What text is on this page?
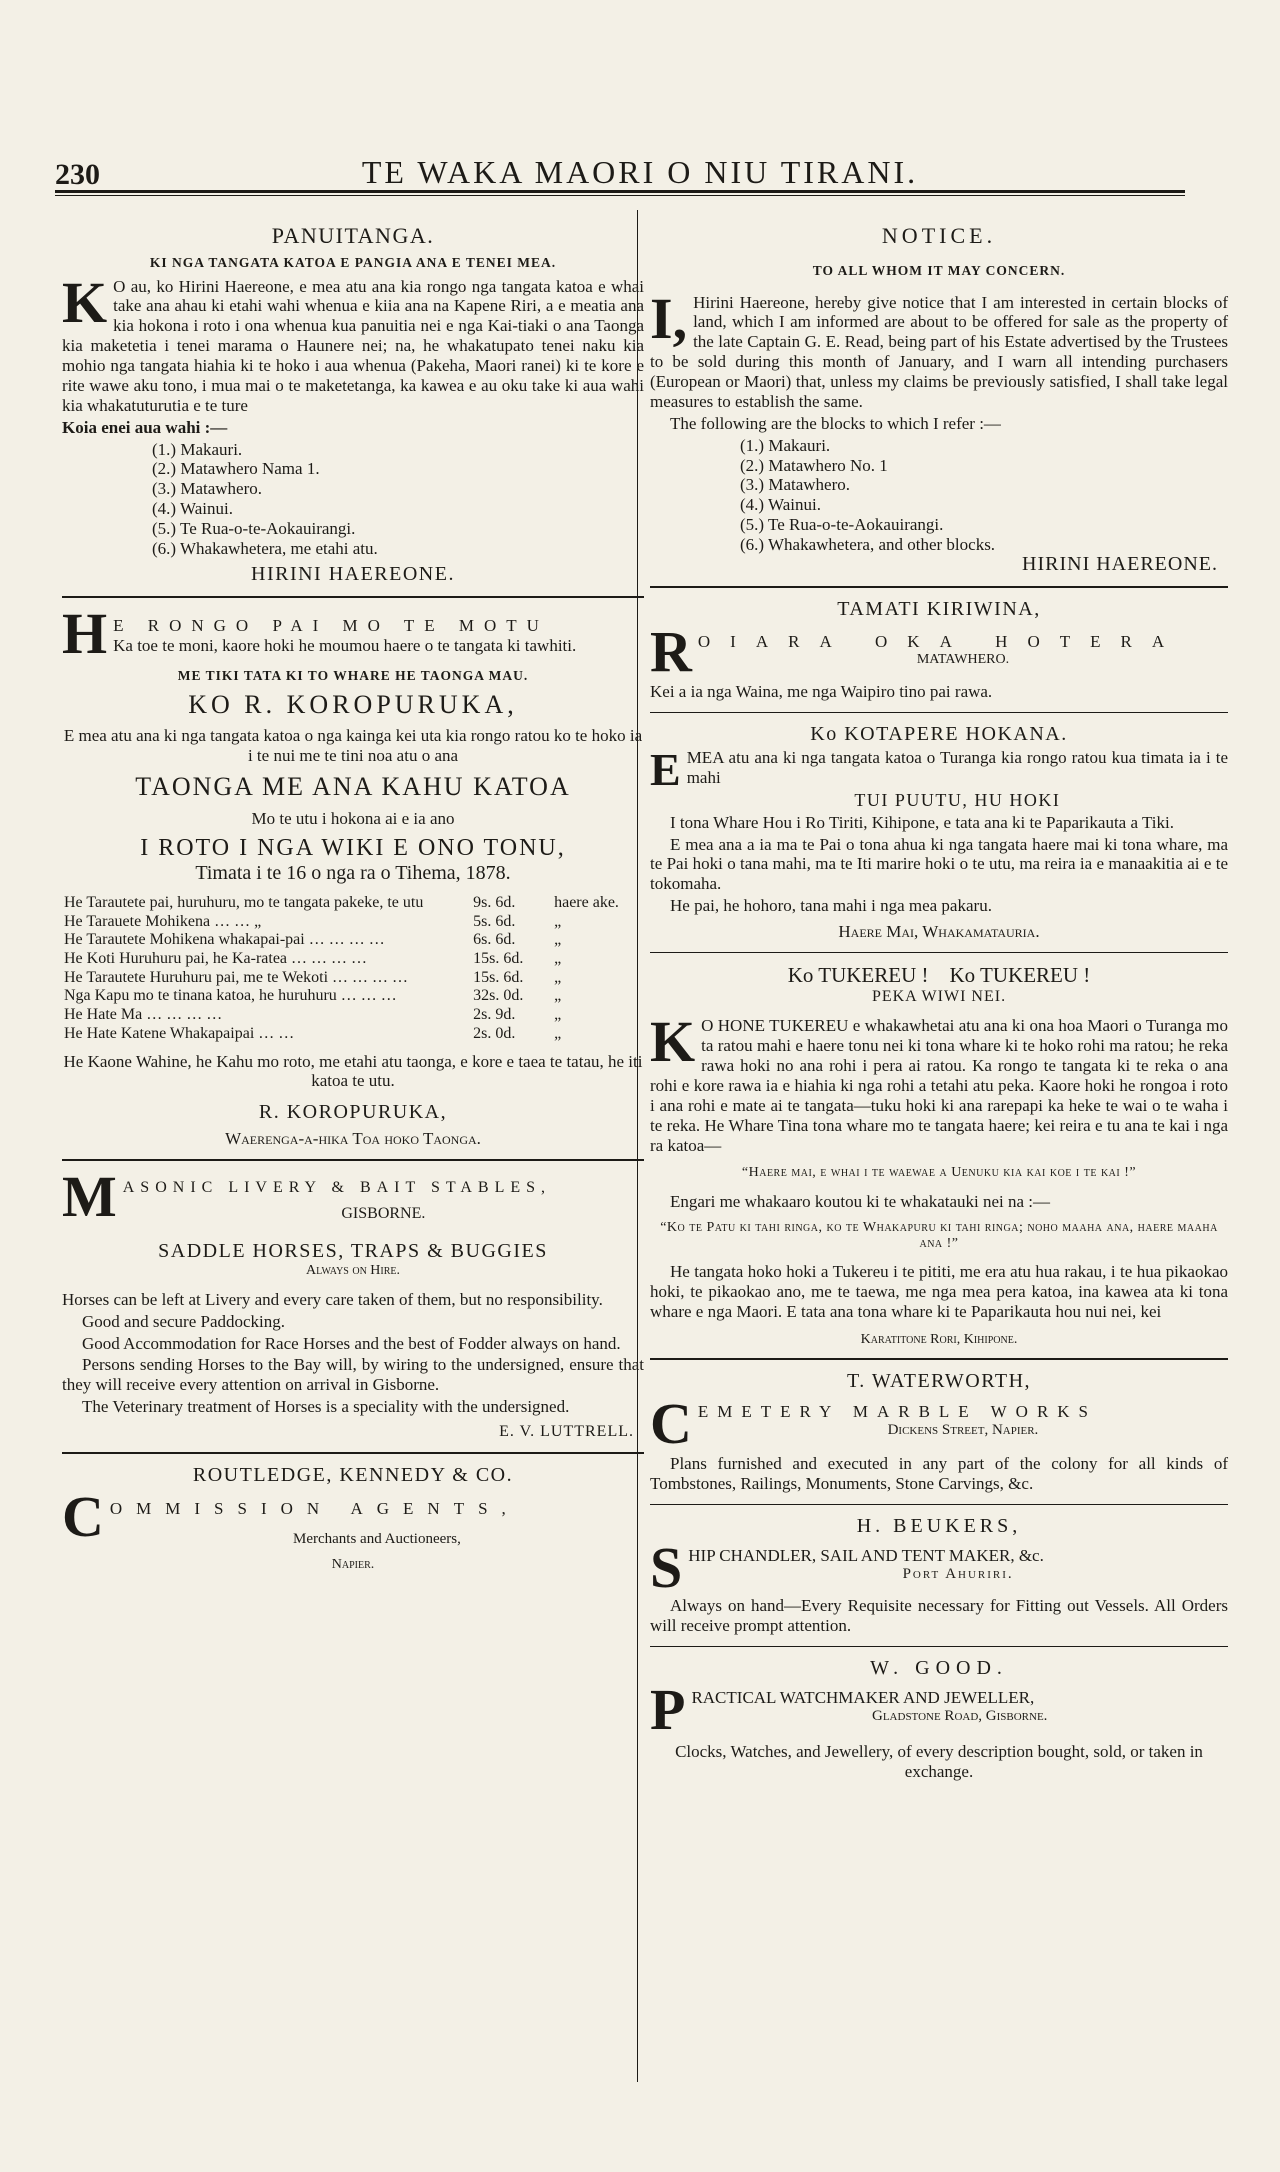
230	TE WAKA MAORI O NIU TIRANI.
PANUITANGA.
KI NGA TANGATA KATOA E PANGIA ANA E TENEI MEA.

K O au, ko Hirini Haereone, e mea atu ana kia rongo nga tangata katoa e whai take ana ahau ki etahi wahi whenua e kiia ana na Kapene Riri, a e meatia ana kia hokona i roto i ona whenua kua panuitia nei e nga Kai-tiaki o ana Taonga kia maketetia i tenei marama o Haunere nei; na, he whakatupato tenei naku kia mohio nga tangata hiahia ki te hoko i aua whenua (Pakeha, Maori ranei) ki te kore e rite wawe aku tono, i mua mai o te maketetanga, ka kawea e au oku take ki aua wahi kia whakatuturutia e te ture

Koia enei aua wahi :—
(1.) Makauri.
(2.) Matawhero Nama 1.
(3.) Matawhero.
(4.) Wainui.
(5.) Te Rua-o-te-Aokauirangi.
(6.) Whakawhetera, me etahi atu.
HIRINI HAEREONE.
H E RONGO PAI MO TE MOTU

Ka toe te moni, kaore hoki he moumou haere o te tangata ki tawhiti.

ME TIKI TATA KI TO WHARE HE TAONGA MAU.
KO R. KOROPURUKA,

E mea atu ana ki nga tangata katoa o nga kainga kei uta kia rongo ratou ko te hoko ia i te nui me te tini noa atu o ana

TAONGA ME ANA KAHU KATOA
Mo te utu i hokona ai e ia ano
I ROTO I NGA WIKI E ONO TONU,
Timata i te 16 o nga ra o Tihema, 1878.
He Tarautete pai, huruhuru, mo te tangata pakeke, te utu	9s. 6d.	haere ake.
He Tarauete Mohikena … … „	5s. 6d.	„
He Tarautete Mohikena whakapai-pai … … … …	6s. 6d.	„
He Koti Huruhuru pai, he Ka-ratea … … … …	15s. 6d.	„
He Tarautete Huruhuru pai, me te Wekoti … … … …	15s. 6d.	„
Nga Kapu mo te tinana katoa, he huruhuru … … …	32s. 0d.	„
He Hate Ma … … … …	2s. 9d.	„
He Hate Katene Whakapaipai … …	2s. 0d.	„

He Kaone Wahine, he Kahu mo roto, me etahi atu taonga, e kore e taea te tatau, he iti katoa te utu.

R. KOROPURUKA,
Waerenga-a-hika Toa hoko Taonga.
M ASONIC LIVERY & BAIT STABLES,
GISBORNE.
SADDLE HORSES, TRAPS & BUGGIES
Always on Hire.

Horses can be left at Livery and every care taken of them, but no responsibility.

Good and secure Paddocking.

Good Accommodation for Race Horses and the best of Fodder always on hand.

Persons sending Horses to the Bay will, by wiring to the undersigned, ensure that they will receive every attention on arrival in Gisborne.

The Veterinary treatment of Horses is a speciality with the undersigned.

E. V. LUTTRELL.
ROUTLEDGE, KENNEDY & CO.
C OMMISSION AGENTS,
Merchants and Auctioneers,
Napier.
NOTICE.
TO ALL WHOM IT MAY CONCERN.

I, Hirini Haereone, hereby give notice that I am interested in certain blocks of land, which I am informed are about to be offered for sale as the property of the late Captain G. E. Read, being part of his Estate advertised by the Trustees to be sold during this month of January, and I warn all intending purchasers (European or Maori) that, unless my claims be previously satisfied, I shall take legal measures to establish the same.

The following are the blocks to which I refer :—
(1.) Makauri.
(2.) Matawhero No. 1
(3.) Matawhero.
(4.) Wainui.
(5.) Te Rua-o-te-Aokauirangi.
(6.) Whakawhetera, and other blocks.
HIRINI HAEREONE.
TAMATI KIRIWINA,
R OIARA OKA HOTERA
MATAWHERO.
Kei a ia nga Waina, me nga Waipiro tino pai rawa.
Ko KOTAPERE HOKANA.

EMEA atu ana ki nga tangata katoa o Turanga kia rongo ratou kua timata ia i te mahi

TUI PUUTU, HU HOKI

I tona Whare Hou i Ro Tiriti, Kihipone, e tata ana ki te Paparikauta a Tiki.

E mea ana a ia ma te Pai o tona ahua ki nga tangata haere mai ki tona whare, ma te Pai hoki o tana mahi, ma te Iti marire hoki o te utu, ma reira ia e manaakitia ai e te tokomaha.

He pai, he hohoro, tana mahi i nga mea pakaru.

Haere Mai, Whakamatauria.
Ko TUKEREU ! Ko TUKEREU !
PEKA WIWI NEI.

K O HONE TUKEREU e whakawhetai atu ana ki ona hoa Maori o Turanga mo ta ratou mahi e haere tonu nei ki tona whare ki te hoko rohi ma ratou; he reka rawa hoki no ana rohi i pera ai ratou. Ka rongo te tangata ki te reka o ana rohi e kore rawa ia e hiahia ki nga rohi a tetahi atu peka. Kaore hoki he rongoa i roto i ana rohi e mate ai te tangata—tuku hoki ki ana rarepapi ka heke te wai o te waha i te reka. He Whare Tina tona whare mo te tangata haere; kei reira e tu ana te kai i nga ra katoa—

“Haere mai, e whai i te waewae a Uenuku kia kai koe i te kai !”

Engari me whakaaro koutou ki te whakatauki nei na :—

“Ko te Patu ki tahi ringa, ko te Whakapuru ki tahi ringa; noho maaha ana, haere maaha ana !”

He tangata hoko hoki a Tukereu i te pititi, me era atu hua rakau, i te hua pikaokao hoki, te pikaokao ano, me te taewa, me nga mea pera katoa, ina kawea ata ki tona whare e nga Maori. E tata ana tona whare ki te Paparikauta hou nui nei, kei

Karatitone Rori, Kihipone.
T. WATERWORTH,
C EMETERY MARBLE WORKS
Dickens Street, Napier.

Plans furnished and executed in any part of the colony for all kinds of Tombstones, Railings, Monuments, Stone Carvings, &c.

H. BEUKERS,
S HIP CHANDLER, SAIL AND TENT MAKER, &c.
Port Ahuriri.

Always on hand—Every Requisite necessary for Fitting out Vessels. All Orders will receive prompt attention.

W. GOOD.
P RACTICAL WATCHMAKER AND JEWELLER,
Gladstone Road, Gisborne.

Clocks, Watches, and Jewellery, of every description bought, sold, or taken in exchange.
